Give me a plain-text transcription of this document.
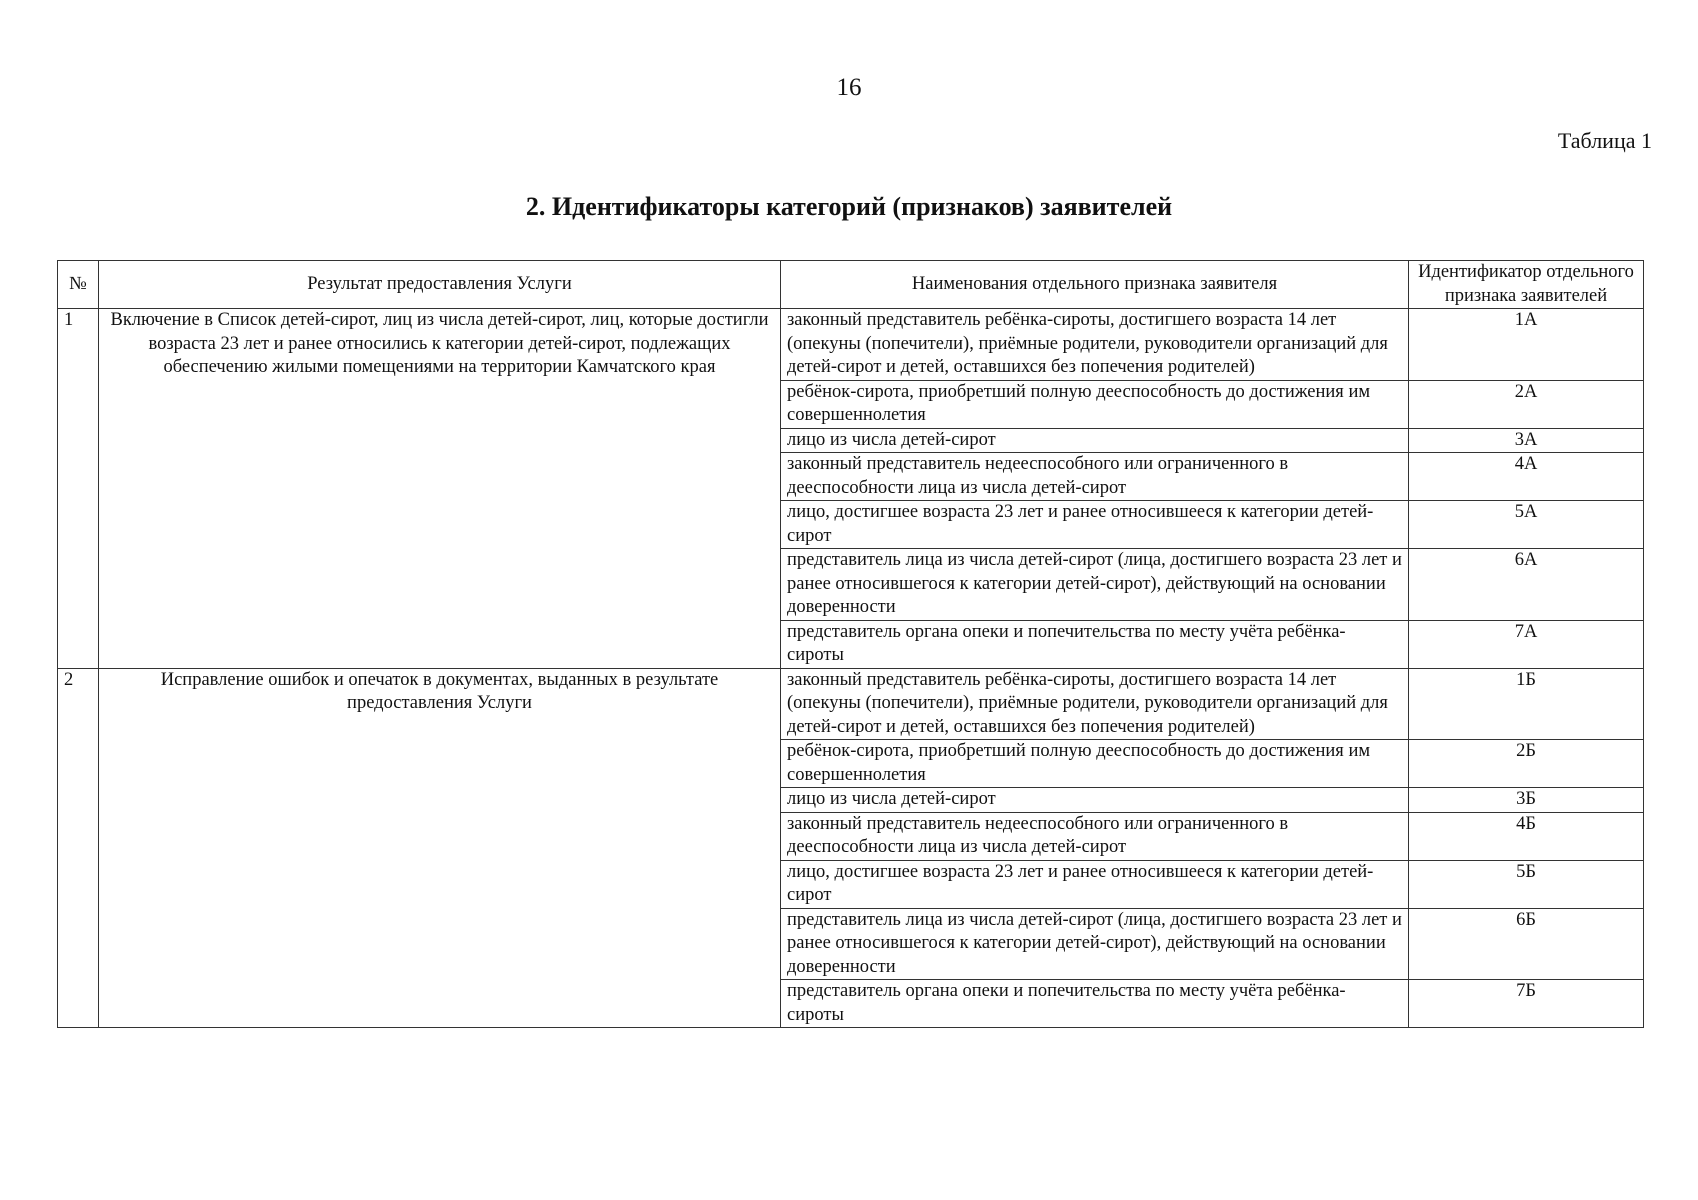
16
Таблица 1
2. Идентификаторы категорий (признаков) заявителей
№	Результат предоставления Услуги	Наименования отдельного признака заявителя	Идентификатор отдельного признака заявителей
1	Включение в Список детей-сирот, лиц из числа детей-сирот, лиц, которые достигли возраста 23 лет и ранее относились к категории детей-сирот, подлежащих обеспечению жилыми помещениями на территории Камчатского края	законный представитель ребёнка-сироты, достигшего возраста 14 лет (опекуны (попечители), приёмные родители, руководители организаций для детей-сирот и детей, оставшихся без попечения родителей)	1А
		ребёнок-сирота, приобретший полную дееспособность до достижения им совершеннолетия	2А
		лицо из числа детей-сирот	3А
		законный представитель недееспособного или ограниченного в дееспособности лица из числа детей-сирот	4А
		лицо, достигшее возраста 23 лет и ранее относившееся к категории детей-сирот	5А
		представитель лица из числа детей-сирот (лица, достигшего возраста 23 лет и ранее относившегося к категории детей-сирот), действующий на основании доверенности	6А
		представитель органа опеки и попечительства по месту учёта ребёнка-сироты	7А
2	Исправление ошибок и опечаток в документах, выданных в результате предоставления Услуги	законный представитель ребёнка-сироты, достигшего возраста 14 лет (опекуны (попечители), приёмные родители, руководители организаций для детей-сирот и детей, оставшихся без попечения родителей)	1Б
		ребёнок-сирота, приобретший полную дееспособность до достижения им совершеннолетия	2Б
		лицо из числа детей-сирот	3Б
		законный представитель недееспособного или ограниченного в дееспособности лица из числа детей-сирот	4Б
		лицо, достигшее возраста 23 лет и ранее относившееся к категории детей-сирот	5Б
		представитель лица из числа детей-сирот (лица, достигшего возраста 23 лет и ранее относившегося к категории детей-сирот), действующий на основании доверенности	6Б
		представитель органа опеки и попечительства по месту учёта ребёнка-сироты	7Б
